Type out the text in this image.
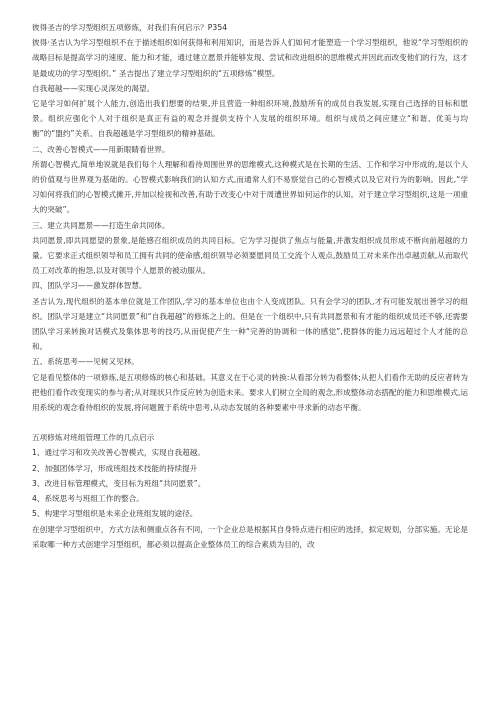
彼得圣吉的学习型组织五项修炼，对我们有何启示？P354

彼得·圣吉认为学习型组织不在于描述组织如何获得和利用知识，而是告诉人们如何才能塑造一个学习型组织，他说“学习型组织的战略目标是提高学习的速度、能力和才能，通过建立愿景并能够发现、尝试和改进组织的思维模式并因此而改变他们的行为，这才是最成功的学习型组织。” 圣吉提出了建立学习型组织的“五项修炼”模型。

自我超越——实现心灵深处的渴望。

它是学习如何扩展个人能力,创造出我们想要的结果,并且营造一种组织环境,鼓励所有的成员自我发展,实现自己选择的目标和愿景。组织应强化个人对于组织是真正有益的观念并提供支持个人发展的组织环境。组织与成员之间应建立“和谐、优美与均衡”的“盟约”关系。自我超越是学习型组织的精神基础。

二、改善心智模式——用新眼睛看世界。

所谓心智模式,简单地说就是我们每个人理解和看待周围世界的思维模式,这种模式是在长期的生活、工作和学习中形成的,是以个人的价值观与世界观为基础的。心智模式影响我们的认知方式,而通常人们不易察觉自己的心智模式以及它对行为的影响。因此,“学习如何将我们的心智模式摊开,并加以检视和改善,有助于改变心中对于周遭世界如何运作的认知。对于建立学习型组织,这是一项重大的突破”。

三、建立共同愿景——打造生命共同体。

共同愿景,即共同愿望的景象,是能感召组织成员的共同目标。它为学习提供了焦点与能量,并激发组织成员形成不断向前超越的力量。它要求正式组织领导和员工拥有共同的使命感,组织领导必须要愿同员工交流个人观点,鼓励员工对未来作出卓越贡献,从而取代员工对改革的抱怨,以及对领导个人愿景的被动服从。

四、团队学习——激发群体智慧。

圣吉认为,现代组织的基本单位就是工作团队,学习的基本单位也由个人变成团队。只有会学习的团队,才有可能发展出善学习的组织。团队学习是建立“共同愿景”和“自我超越”的修炼之上的。但是在一个组织中,只有共同愿景和有才能的组织成员还不够,还需要团队学习来转换对话模式及集体思考的技巧,从而促使产生一种“完善的协调和一体的感觉”,使群体的能力远远超过个人才能的总和。

五、系统思考——见树又见林。

它是看见整体的一项修炼,是五项修炼的核心和基础。其意义在于心灵的转换:从看部分转为看整体;从把人们看作无助的反应者转为把他们看作改变现实的参与者;从对现状只作反应转为创造未来。要求人们树立全局的观念,形成整体动态搭配的能力和思维模式,运用系统的观念看待组织的发展,将问题置于系统中思考,从动态发展的各种要素中寻求新的动态平衡。

五项修炼对班组管理工作的几点启示

1、通过学习和攻关改善心智模式，实现自我超越。

2、加强团体学习，形成班组技术技能的持续提升

3、改进目标管理模式，变目标为班组“共同愿景”。

4、系统思考与班组工作的整合。

5、构建学习型组织是未来企业班组发展的途径。

在创建学习型组织中，方式方法和侧重点各有不同，一个企业总是根据其自身特点进行相应的选择，拟定规划，分部实施。无论是采取哪一种方式创建学习型组织，都必须以提高企业整体员工的综合素质为目的，改
